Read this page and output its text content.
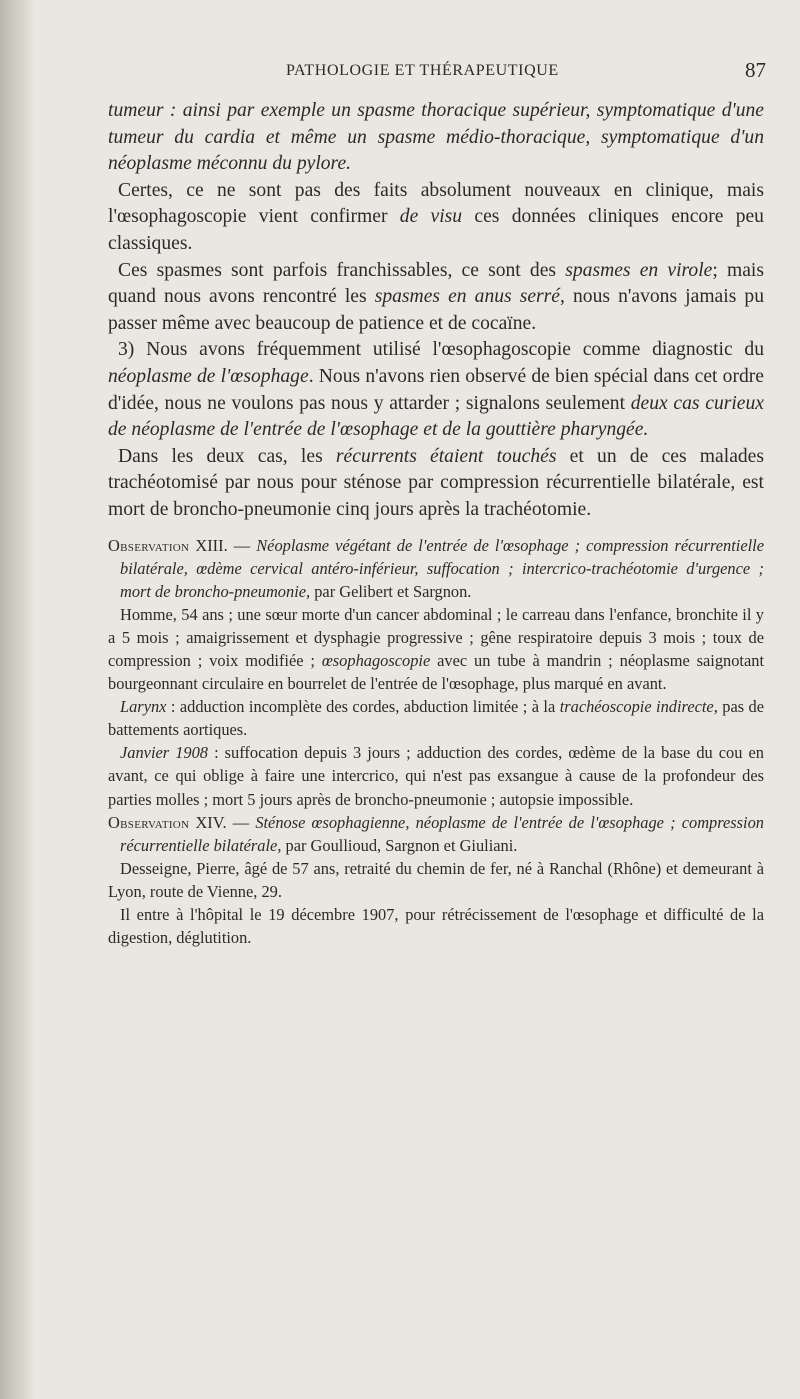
PATHOLOGIE ET THÉRAPEUTIQUE	87

tumeur : ainsi par exemple un spasme thoracique supérieur, symptomatique d'une tumeur du cardia et même un spasme médio-thoracique, symptomatique d'un néoplasme méconnu du pylore.

Certes, ce ne sont pas des faits absolument nouveaux en clinique, mais l'œsophagoscopie vient confirmer de visu ces données cliniques encore peu classiques.

Ces spasmes sont parfois franchissables, ce sont des spasmes en virole; mais quand nous avons rencontré les spasmes en anus serré, nous n'avons jamais pu passer même avec beaucoup de patience et de cocaïne.

3) Nous avons fréquemment utilisé l'œsophagoscopie comme diagnostic du néoplasme de l'œsophage. Nous n'avons rien observé de bien spécial dans cet ordre d'idée, nous ne voulons pas nous y attarder ; signalons seulement deux cas curieux de néoplasme de l'entrée de l'œsophage et de la gouttière pharyngée.

Dans les deux cas, les récurrents étaient touchés et un de ces malades trachéotomisé par nous pour sténose par compression récurrentielle bilatérale, est mort de broncho-pneumonie cinq jours après la trachéotomie.

Observation XIII. — Néoplasme végétant de l'entrée de l'œsophage ; compression récurrentielle bilatérale, œdème cervical antéro-inférieur, suffocation ; intercrico-trachéotomie d'urgence ; mort de broncho-pneumonie, par Gelibert et Sargnon.

Homme, 54 ans ; une sœur morte d'un cancer abdominal ; le carreau dans l'enfance, bronchite il y a 5 mois ; amaigrissement et dysphagie progressive ; gêne respiratoire depuis 3 mois ; toux de compression ; voix modifiée ; œsophagoscopie avec un tube à mandrin ; néoplasme saignotant bourgeonnant circulaire en bourrelet de l'entrée de l'œsophage, plus marqué en avant.

Larynx : adduction incomplète des cordes, abduction limitée ; à la trachéoscopie indirecte, pas de battements aortiques.

Janvier 1908 : suffocation depuis 3 jours ; adduction des cordes, œdème de la base du cou en avant, ce qui oblige à faire une intercrico, qui n'est pas exsangue à cause de la profondeur des parties molles ; mort 5 jours après de broncho-pneumonie ; autopsie impossible.

Observation XIV. — Sténose œsophagienne, néoplasme de l'entrée de l'œsophage ; compression récurrentielle bilatérale, par Goullioud, Sargnon et Giuliani.

Desseigne, Pierre, âgé de 57 ans, retraité du chemin de fer, né à Ranchal (Rhône) et demeurant à Lyon, route de Vienne, 29.

Il entre à l'hôpital le 19 décembre 1907, pour rétrécissement de l'œsophage et difficulté de la digestion, déglutition.
